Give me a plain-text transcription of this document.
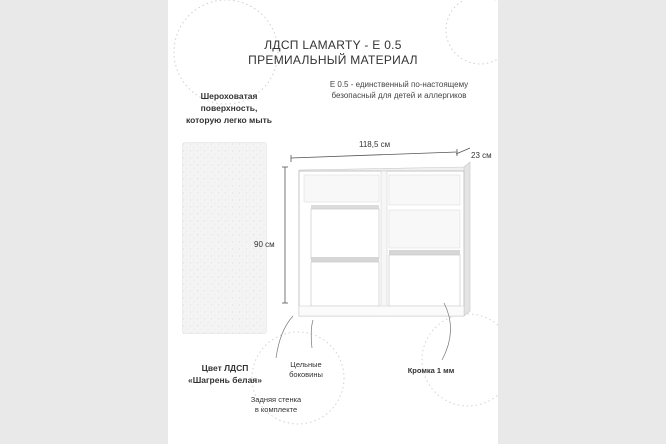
ЛДСП LAMARTY - E 0.5
ПРЕМИАЛЬНЫЙ МАТЕРИАЛ
E 0.5 - единственный по-настоящему
безопасный для детей и аллергиков
Шероховатая
поверхность,
которую легко мыть
118,5 см
23 см
90 см
Цвет ЛДСП
«Шагрень белая»
Цельные
боковины	Кромка 1 мм
Задняя стенка
в комплекте
